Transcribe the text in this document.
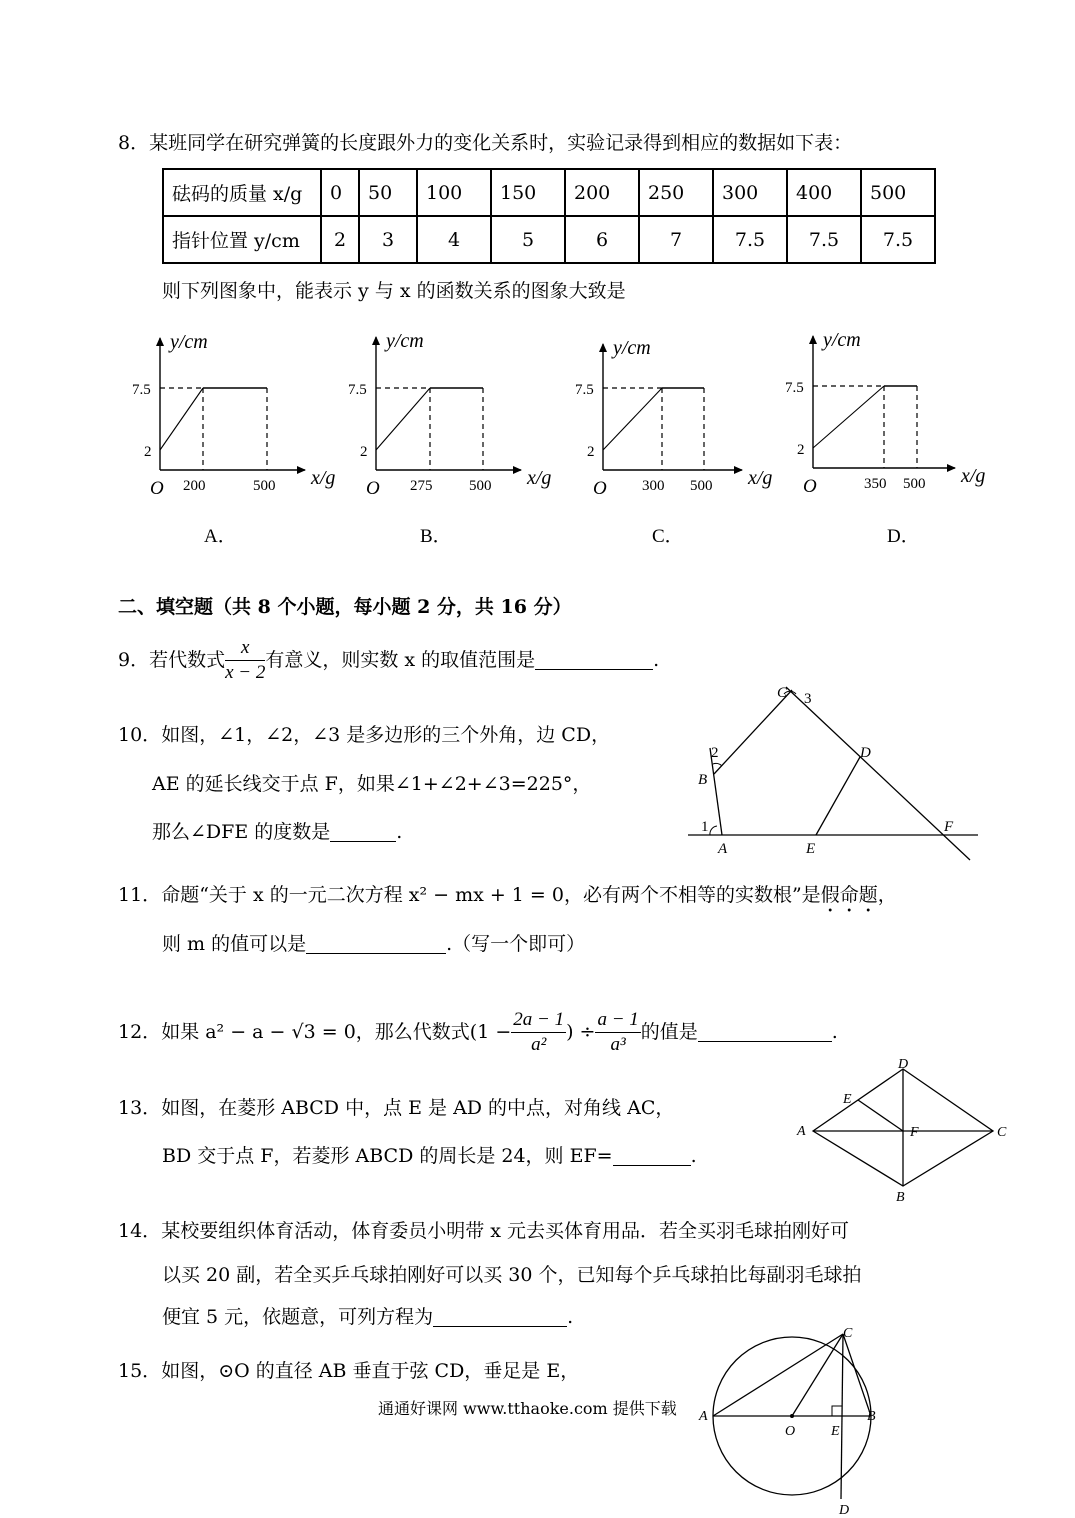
8．某班同学在研究弹簧的长度跟外力的变化关系时，实验记录得到相应的数据如下表：
砝码的质量 x/g	0	50	100	150	200	250	300	400	500
指针位置 y/cm	2	3	4	5	6	7	7.5	7.5	7.5
则下列图象中，能表示 y 与 x 的函数关系的图象大致是
y/cm
x/g
O
7.5
2
200	500
A．
y/cm
x/g
O
7.5
2
275 500
B．
y/cm
x/g
O
7.5
2
300 500
C．
y/cm
x/g
O
7.5
2
350 500
D．
二、填空题（共 8 个小题，每小题 2 分，共 16 分）
9．若代数式 $\frac{x}{x - 2}$ 有意义，则实数 x 的取值范围是	.
10．如图，∠1，∠2，∠3 是多边形的三个外角，边 CD，
AE 的延长线交于点 F，如果∠1+∠2+∠3=225°，
那么∠DFE 的度数是	.
C 3
2
B
D
1
A	E
F
11．命题“关于 x 的一元二次方程 x² − mx + 1 = 0，必有两个不相等的实数根”是假命题，
则 m 的值可以是	.（写一个即可）
12．如果 a² − a − √3 = 0，那么代数式($1 - \frac{2a - 1}{\text{a²}}$ ) ÷ $\frac{a - 1}{\text{a³}}$ 的值是	.
13．如图，在菱形 ABCD 中，点 E 是 AD 的中点，对角线 AC，
BD 交于点 F，若菱形 ABCD 的周长是 24，则 EF=	.
D
E
A	F	C
B
14．某校要组织体育活动，体育委员小明带 x 元去买体育用品．若全买羽毛球拍刚好可
以买 20 副，若全买乒乓球拍刚好可以买 30 个，已知每个乒乓球拍比每副羽毛球拍
便宜 5 元，依题意，可列方程为	.
15．如图，⊙O 的直径 AB 垂直于弦 CD，垂足是 E，
C
A
O	E
B
D
通通好课网 www.tthaoke.com 提供下载
